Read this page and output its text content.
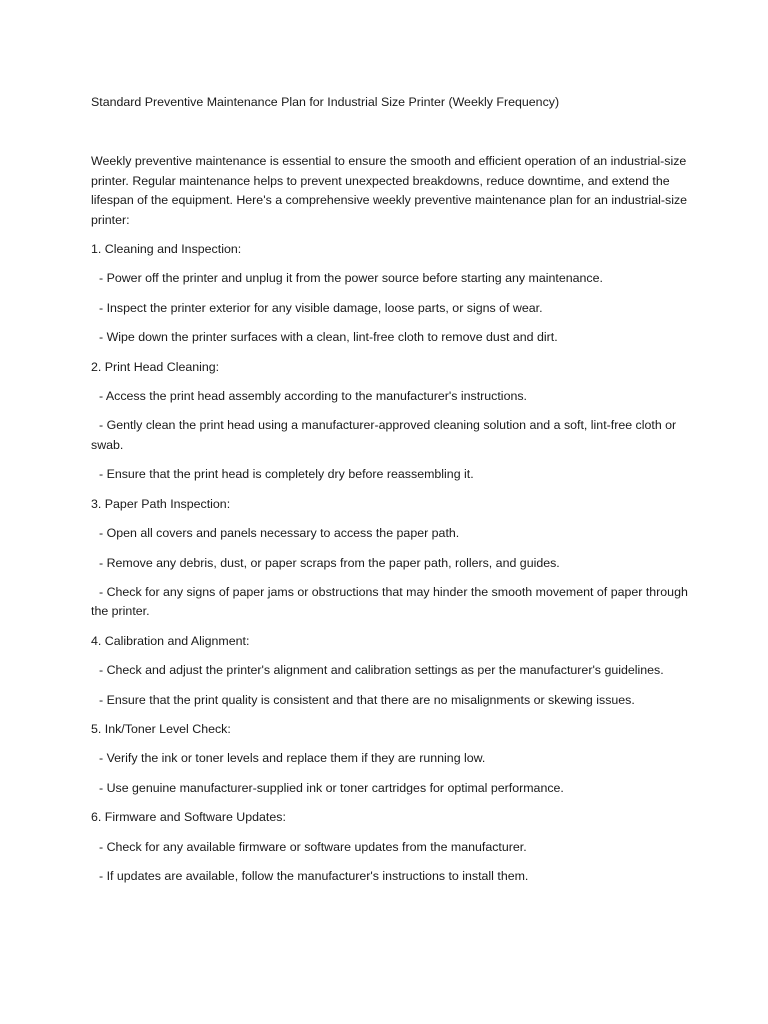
Standard Preventive Maintenance Plan for Industrial Size Printer (Weekly Frequency)

Weekly preventive maintenance is essential to ensure the smooth and efficient operation of an industrial-size printer. Regular maintenance helps to prevent unexpected breakdowns, reduce downtime, and extend the lifespan of the equipment. Here's a comprehensive weekly preventive maintenance plan for an industrial-size printer:

1. Cleaning and Inspection:

- Power off the printer and unplug it from the power source before starting any maintenance.

- Inspect the printer exterior for any visible damage, loose parts, or signs of wear.

- Wipe down the printer surfaces with a clean, lint-free cloth to remove dust and dirt.

2. Print Head Cleaning:

- Access the print head assembly according to the manufacturer's instructions.

- Gently clean the print head using a manufacturer-approved cleaning solution and a soft, lint-free cloth or swab.

- Ensure that the print head is completely dry before reassembling it.

3. Paper Path Inspection:

- Open all covers and panels necessary to access the paper path.

- Remove any debris, dust, or paper scraps from the paper path, rollers, and guides.

- Check for any signs of paper jams or obstructions that may hinder the smooth movement of paper through the printer.

4. Calibration and Alignment:

- Check and adjust the printer's alignment and calibration settings as per the manufacturer's guidelines.

- Ensure that the print quality is consistent and that there are no misalignments or skewing issues.

5. Ink/Toner Level Check:

- Verify the ink or toner levels and replace them if they are running low.

- Use genuine manufacturer-supplied ink or toner cartridges for optimal performance.

6. Firmware and Software Updates:

- Check for any available firmware or software updates from the manufacturer.

- If updates are available, follow the manufacturer's instructions to install them.
